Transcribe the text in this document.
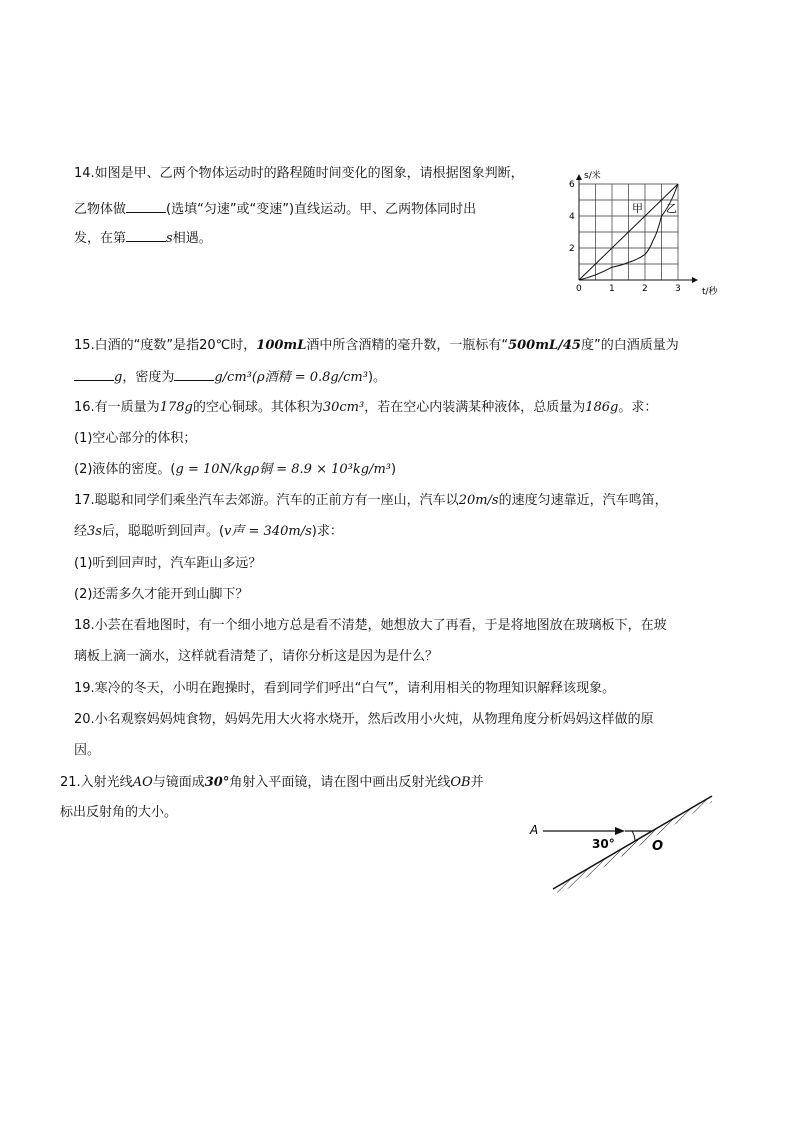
14.如图是甲、乙两个物体运动时的路程随时间变化的图象，请根据图象判断，
乙物体做	(选填“匀速”或“变速”)直线运动。甲、乙两物体同时出
发，在第	s相遇。
0	1	2	3
2
4
6
s/米
t/秒
甲 乙
15.白酒的“度数”是指20℃时，100mL酒中所含酒精的毫升数，一瓶标有“500mL/45度”的白酒质量为
g，密度为	g/cm³(ρ酒精 = 0.8g/cm³)。
16.有一质量为178g的空心铜球。其体积为30cm³，若在空心内装满某种液体，总质量为186g。求：
(1)空心部分的体积；
(2)液体的密度。(g = 10N/kgρ铜 = 8.9 × 10³kg/m³)
17.聪聪和同学们乘坐汽车去郊游。汽车的正前方有一座山，汽车以20m/s的速度匀速靠近，汽车鸣笛，
经3s后，聪聪听到回声。(v声 = 340m/s)求：
(1)听到回声时，汽车距山多远？
(2)还需多久才能开到山脚下？
18.小芸在看地图时，有一个细小地方总是看不清楚，她想放大了再看，于是将地图放在玻璃板下，在玻
璃板上滴一滴水，这样就看清楚了，请你分析这是因为是什么？
19.寒冷的冬天，小明在跑操时，看到同学们呼出“白气”，请利用相关的物理知识解释该现象。
20.小名观察妈妈炖食物，妈妈先用大火将水烧开，然后改用小火炖，从物理角度分析妈妈这样做的原
因。
21.入射光线AO与镜面成30°角射入平面镜，请在图中画出反射光线OB并
标出反射角的大小。
A
30°	O
